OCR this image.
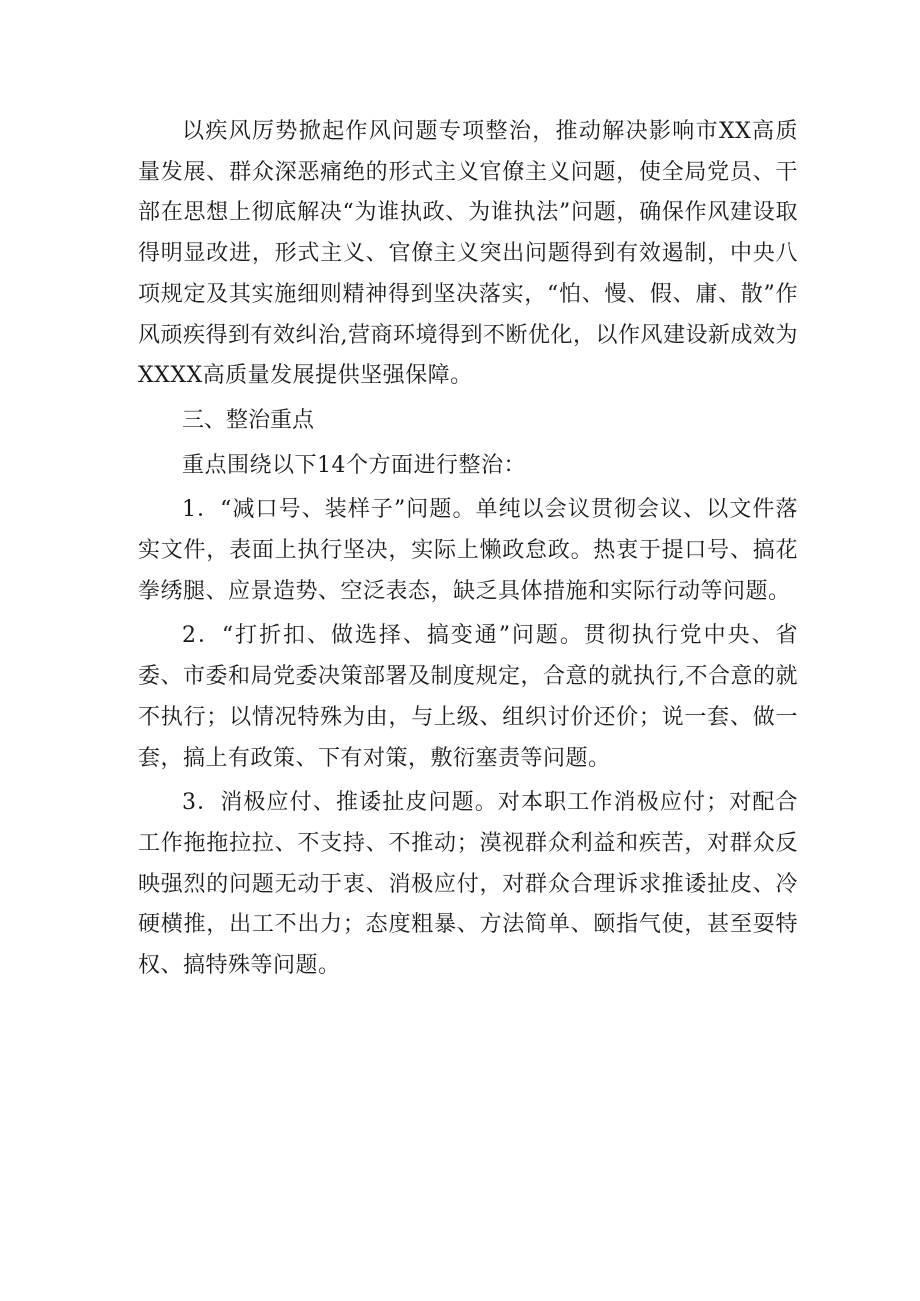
以疾风厉势掀起作风问题专项整治，推动解决影响市XX高质量发展、群众深恶痛绝的形式主义官僚主义问题，使全局党员、干部在思想上彻底解决“为谁执政、为谁执法”问题，确保作风建设取得明显改进，形式主义、官僚主义突出问题得到有效遏制，中央八项规定及其实施细则精神得到坚决落实，“怕、慢、假、庸、散”作风顽疾得到有效纠治,营商环境得到不断优化，以作风建设新成效为XXXX高质量发展提供坚强保障。

三、整治重点

重点围绕以下14个方面进行整治：

1．“减口号、装样子”问题。单纯以会议贯彻会议、以文件落实文件，表面上执行坚决，实际上懒政怠政。热衷于提口号、搞花拳绣腿、应景造势、空泛表态，缺乏具体措施和实际行动等问题。

2．“打折扣、做选择、搞变通”问题。贯彻执行党中央、省委、市委和局党委决策部署及制度规定，合意的就执行,不合意的就不执行；以情况特殊为由，与上级、组织讨价还价；说一套、做一套，搞上有政策、下有对策，敷衍塞责等问题。

3．消极应付、推诿扯皮问题。对本职工作消极应付；对配合工作拖拖拉拉、不支持、不推动；漠视群众利益和疾苦，对群众反映强烈的问题无动于衷、消极应付，对群众合理诉求推诿扯皮、冷硬横推，出工不出力；态度粗暴、方法简单、颐指气使，甚至耍特权、搞特殊等问题。
